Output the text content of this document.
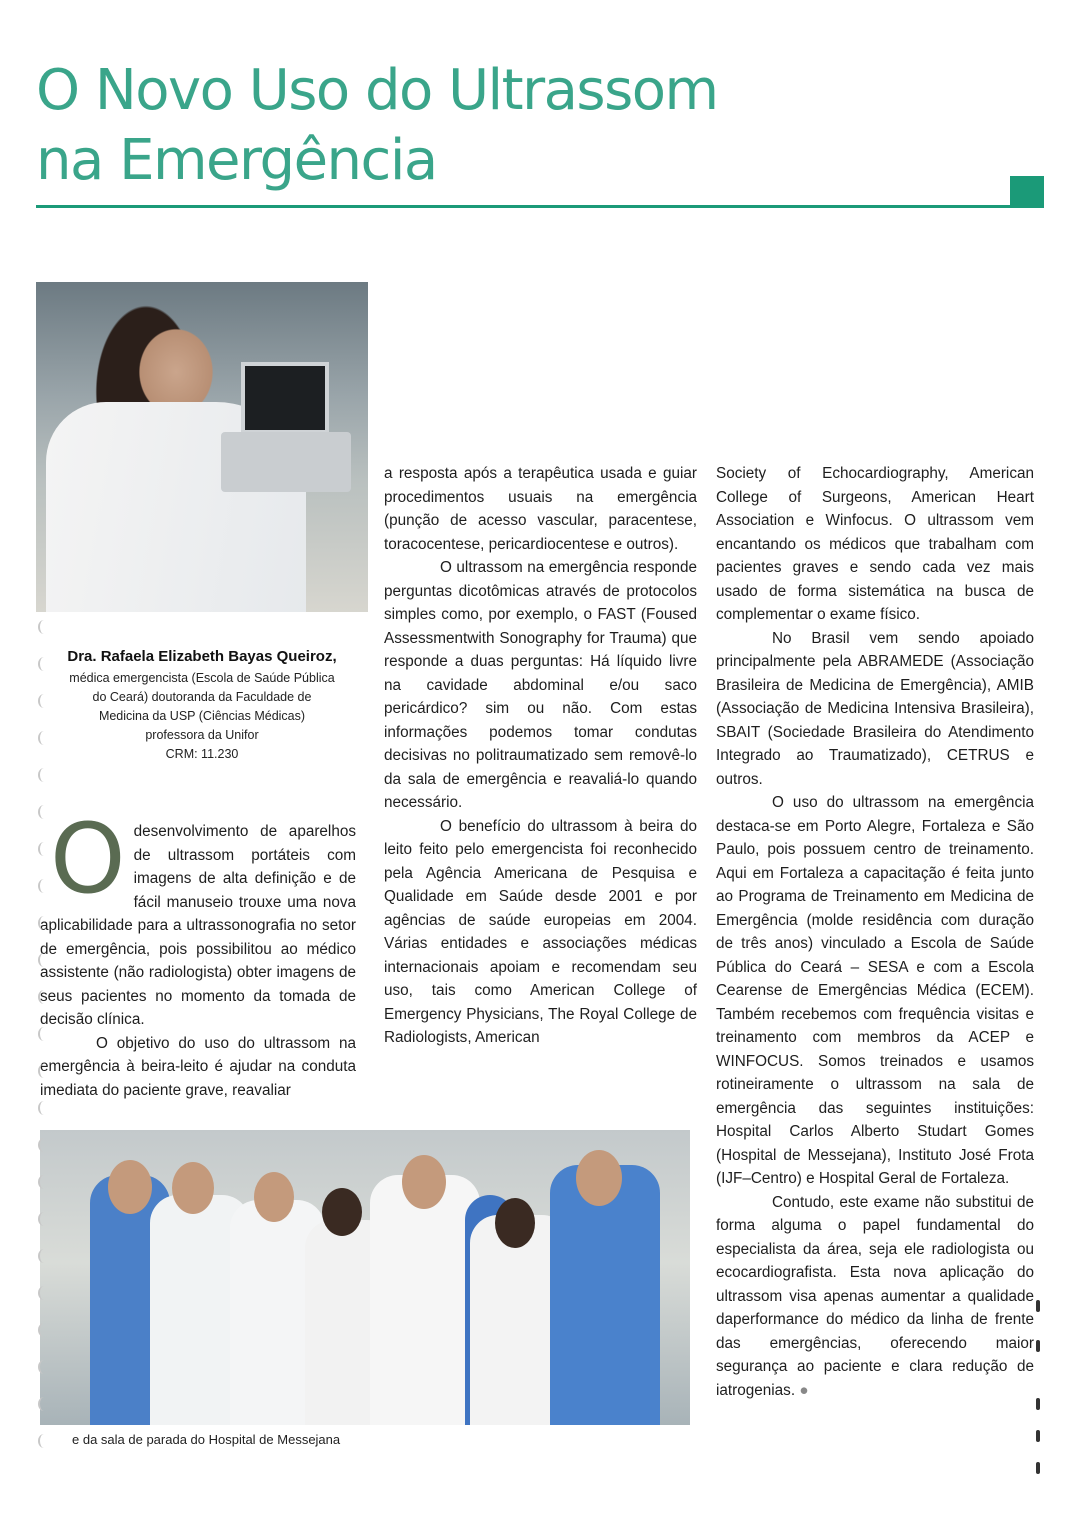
O Novo Uso do Ultrassom
na Emergência

Dra. Rafaela Elizabeth Bayas Queiroz,

médica emergencista (Escola de Saúde Pública

do Ceará) doutoranda da Faculdade de

Medicina da USP (Ciências Médicas)

professora da Unifor

CRM: 11.230

Odesenvolvimento de aparelhos de ultrassom portáteis com imagens de alta definição e de fácil manuseio trouxe uma nova aplicabilidade para a ultrassonografia no setor de emergência, pois possibilitou ao médico assistente (não radiologista) obter imagens de seus pacientes no momento da tomada de decisão clínica.

O objetivo do uso do ultrassom na emergência à beira-leito é ajudar na conduta imediata do paciente grave, reavaliar

a resposta após a terapêutica usada e guiar procedimentos usuais na emergência (punção de acesso vascular, paracentese, toracocentese, pericardiocentese e outros).

O ultrassom na emergência responde perguntas dicotômicas através de protocolos simples como, por exemplo, o FAST (Foused Assessmentwith Sonography for Trauma) que responde a duas perguntas: Há líquido livre na cavidade abdominal e/ou saco pericárdico? sim ou não. Com estas informações podemos tomar condutas decisivas no politraumatizado sem removê-lo da sala de emergência e reavaliá-lo quando necessário.

O benefício do ultrassom à beira do leito feito pelo emergencista foi reconhecido pela Agência Americana de Pesquisa e Qualidade em Saúde desde 2001 e por agências de saúde europeias em 2004. Várias entidades e associações médicas internacionais apoiam e recomendam seu uso, tais como American College of Emergency Physicians, The Royal College de Radiologists, American

Society of Echocardiography, American College of Surgeons, American Heart Association e Winfocus. O ultrassom vem encantando os médicos que trabalham com pacientes graves e sendo cada vez mais usado de forma sistemática na busca de complementar o exame físico.

No Brasil vem sendo apoiado principalmente pela ABRAMEDE (Associação Brasileira de Medicina de Emergência), AMIB (Associação de Medicina Intensiva Brasileira), SBAIT (Sociedade Brasileira do Atendimento Integrado ao Traumatizado), CETRUS e outros.

O uso do ultrassom na emergência destaca-se em Porto Alegre, Fortaleza e São Paulo, pois possuem centro de treinamento. Aqui em Fortaleza a capacitação é feita junto ao Programa de Treinamento em Medicina de Emergência (molde residência com duração de três anos) vinculado a Escola de Saúde Pública do Ceará – SESA e com a Escola Cearense de Emergências Médica (ECEM). Também recebemos com frequência visitas e treinamento com membros da ACEP e WINFOCUS. Somos treinados e usamos rotineiramente o ultrassom na sala de emergência das seguintes instituições: Hospital Carlos Alberto Studart Gomes (Hospital de Messejana), Instituto José Frota (IJF–Centro) e Hospital Geral de Fortaleza.

Contudo, este exame não substitui de forma alguma o papel fundamental do especialista da área, seja ele radiologista ou ecocardiografista. Esta nova aplicação do ultrassom visa apenas aumentar a qualidade daperformance do médico da linha de frente das emergências, oferecendo maior segurança ao paciente e clara redução de iatrogenias. ●

e da sala de parada do Hospital de Messejana
